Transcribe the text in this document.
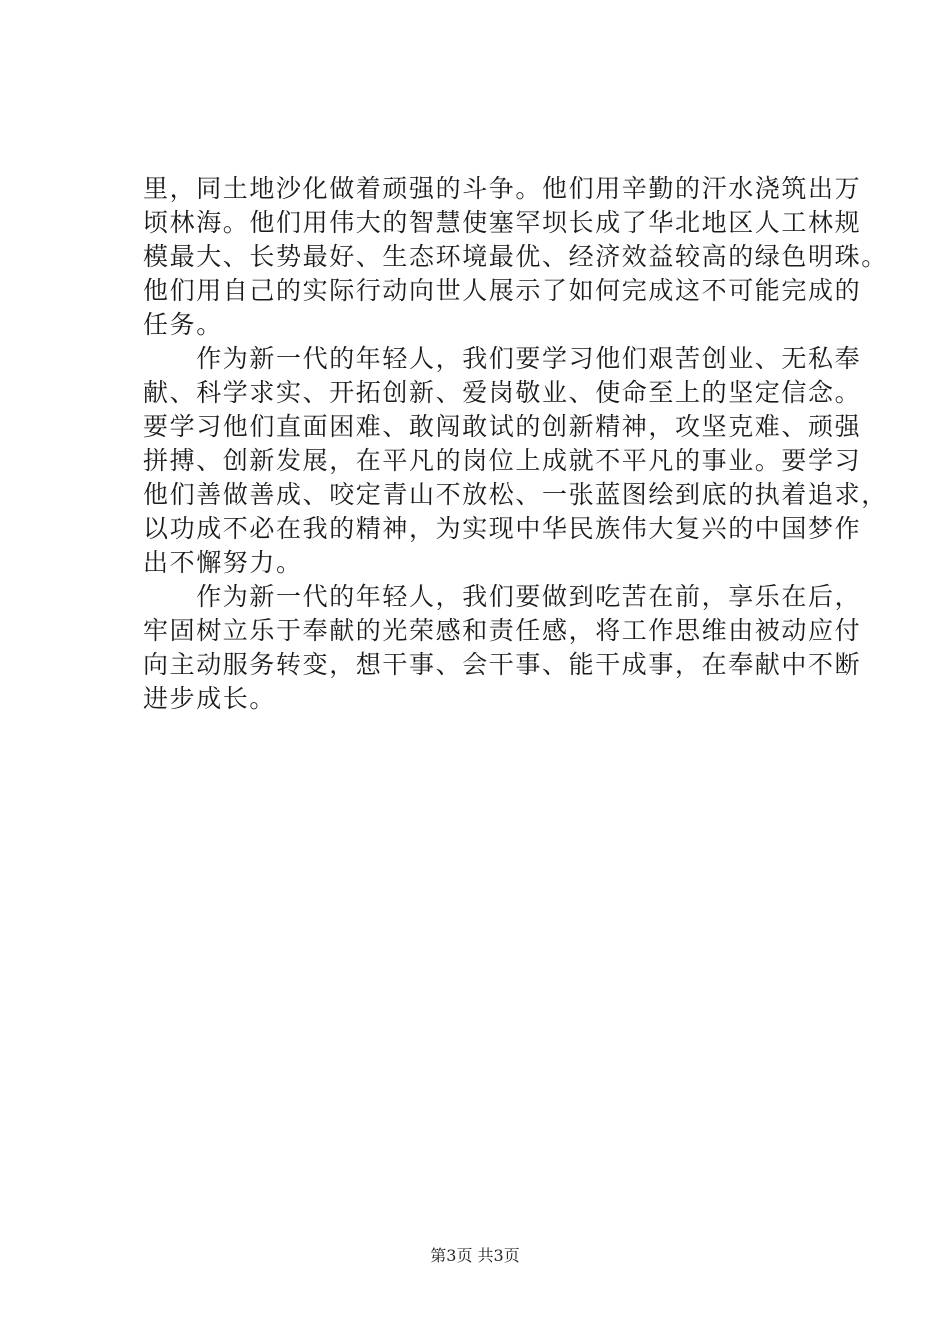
里，同土地沙化做着顽强的斗争。他们用辛勤的汗水浇筑出万
顷林海。他们用伟大的智慧使塞罕坝长成了华北地区人工林规
模最大、长势最好、生态环境最优、经济效益较高的绿色明珠。
他们用自己的实际行动向世人展示了如何完成这不可能完成的
任务。
　　作为新一代的年轻人，我们要学习他们艰苦创业、无私奉
献、科学求实、开拓创新、爱岗敬业、使命至上的坚定信念。
要学习他们直面困难、敢闯敢试的创新精神，攻坚克难、顽强
拼搏、创新发展，在平凡的岗位上成就不平凡的事业。要学习
他们善做善成、咬定青山不放松、一张蓝图绘到底的执着追求，
以功成不必在我的精神，为实现中华民族伟大复兴的中国梦作
出不懈努力。
　　作为新一代的年轻人，我们要做到吃苦在前，享乐在后，
牢固树立乐于奉献的光荣感和责任感，将工作思维由被动应付
向主动服务转变，想干事、会干事、能干成事，在奉献中不断
进步成长。
第3页 共3页
